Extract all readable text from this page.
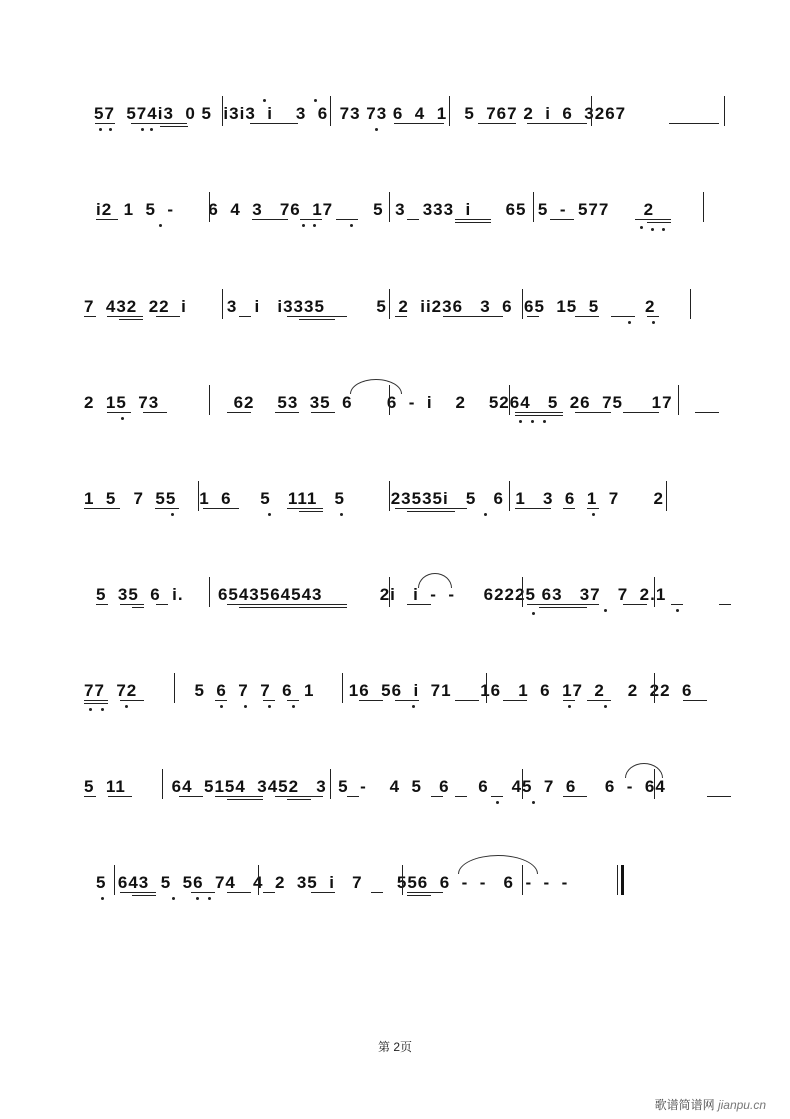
57  574i3  0 5  i3i3  i    3  6  73 73 6  4  1   5  767 2  i  6  3267
i2  1  5  -      6  4  3   76  17       5  3   333  i      65  5  -  577      2
7  432  22  i       3   i   i3335         5  2  ii236   3  6  65  15  5        2
2  15  73             62    53  35  6      6  -  i    2    5264   5  26  75     17
1  5   7  55    1  6     5   111   5        23535i   5   6  1   3  6  1  7      2
5  35  6  i.      6543564543          2i   i  -  -     62225 63   37   7  2.1
77  72          5  6  7  7  6  1      16  56  i  71     16   1  6  17  2    2  22  6
5  11        64  5154  3452   3  5  -    4  5   6     6    45  7  6     6  -  64
5  643  5  56  74   4  2  35  i   7      556  6  -  -   6  -  -  -
第 2页
歌谱简谱网 jianpu.cn
